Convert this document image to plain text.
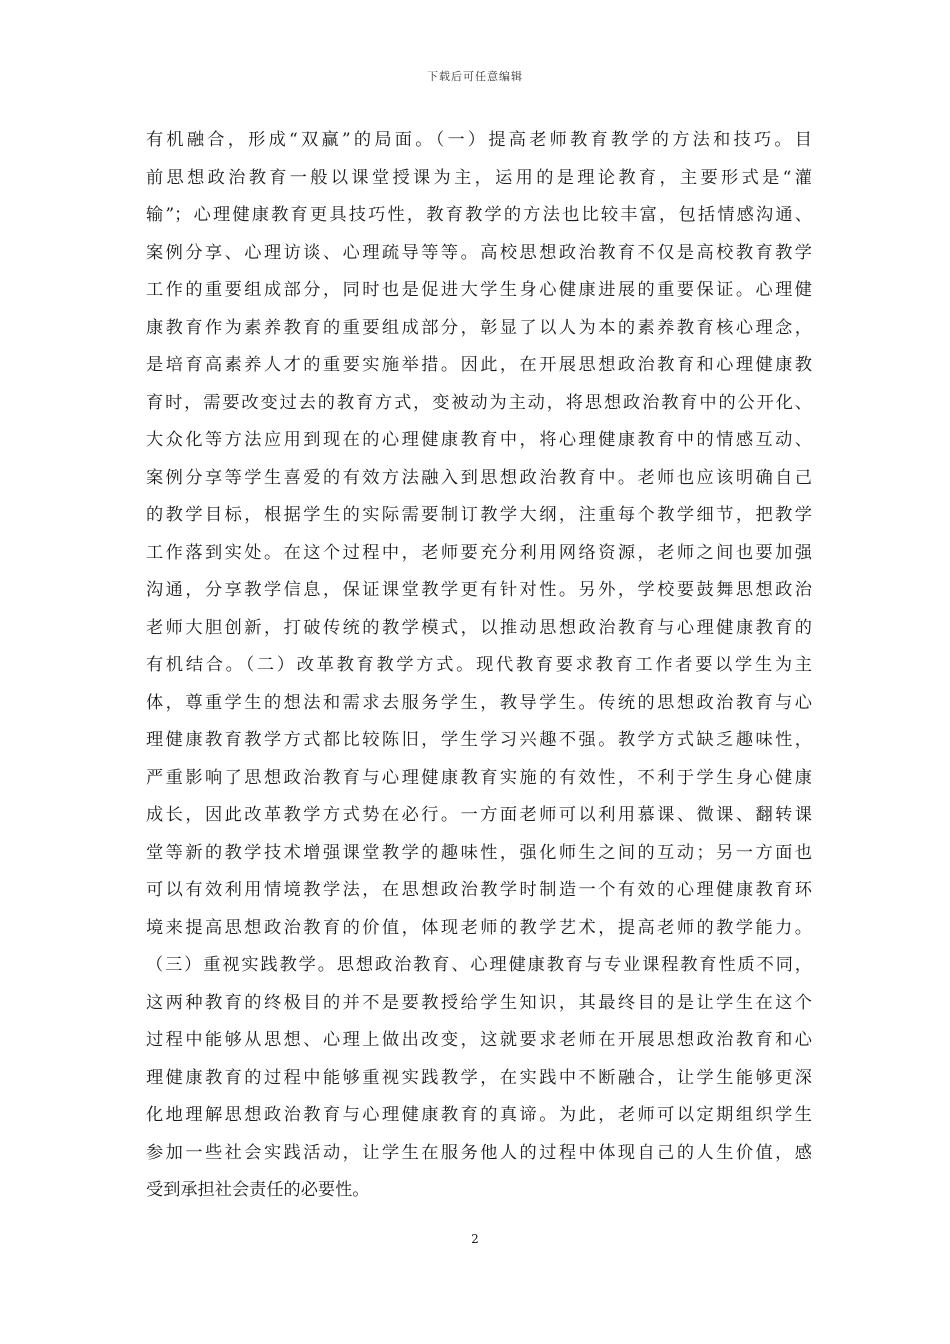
下载后可任意编辑
有机融合，形成“双赢”的局面。（一）提高老师教育教学的方法和技巧。目
前思想政治教育一般以课堂授课为主，运用的是理论教育，主要形式是“灌
输”；心理健康教育更具技巧性，教育教学的方法也比较丰富，包括情感沟通、
案例分享、心理访谈、心理疏导等等。高校思想政治教育不仅是高校教育教学
工作的重要组成部分，同时也是促进大学生身心健康进展的重要保证。心理健
康教育作为素养教育的重要组成部分，彰显了以人为本的素养教育核心理念，
是培育高素养人才的重要实施举措。因此，在开展思想政治教育和心理健康教
育时，需要改变过去的教育方式，变被动为主动，将思想政治教育中的公开化、
大众化等方法应用到现在的心理健康教育中，将心理健康教育中的情感互动、
案例分享等学生喜爱的有效方法融入到思想政治教育中。老师也应该明确自己
的教学目标，根据学生的实际需要制订教学大纲，注重每个教学细节，把教学
工作落到实处。在这个过程中，老师要充分利用网络资源，老师之间也要加强
沟通，分享教学信息，保证课堂教学更有针对性。另外，学校要鼓舞思想政治
老师大胆创新，打破传统的教学模式，以推动思想政治教育与心理健康教育的
有机结合。（二）改革教育教学方式。现代教育要求教育工作者要以学生为主
体，尊重学生的想法和需求去服务学生，教导学生。传统的思想政治教育与心
理健康教育教学方式都比较陈旧，学生学习兴趣不强。教学方式缺乏趣味性，
严重影响了思想政治教育与心理健康教育实施的有效性，不利于学生身心健康
成长，因此改革教学方式势在必行。一方面老师可以利用慕课、微课、翻转课
堂等新的教学技术增强课堂教学的趣味性，强化师生之间的互动；另一方面也
可以有效利用情境教学法，在思想政治教学时制造一个有效的心理健康教育环
境来提高思想政治教育的价值，体现老师的教学艺术，提高老师的教学能力。
（三）重视实践教学。思想政治教育、心理健康教育与专业课程教育性质不同，
这两种教育的终极目的并不是要教授给学生知识，其最终目的是让学生在这个
过程中能够从思想、心理上做出改变，这就要求老师在开展思想政治教育和心
理健康教育的过程中能够重视实践教学，在实践中不断融合，让学生能够更深
化地理解思想政治教育与心理健康教育的真谛。为此，老师可以定期组织学生
参加一些社会实践活动，让学生在服务他人的过程中体现自己的人生价值，感
受到承担社会责任的必要性。
2
